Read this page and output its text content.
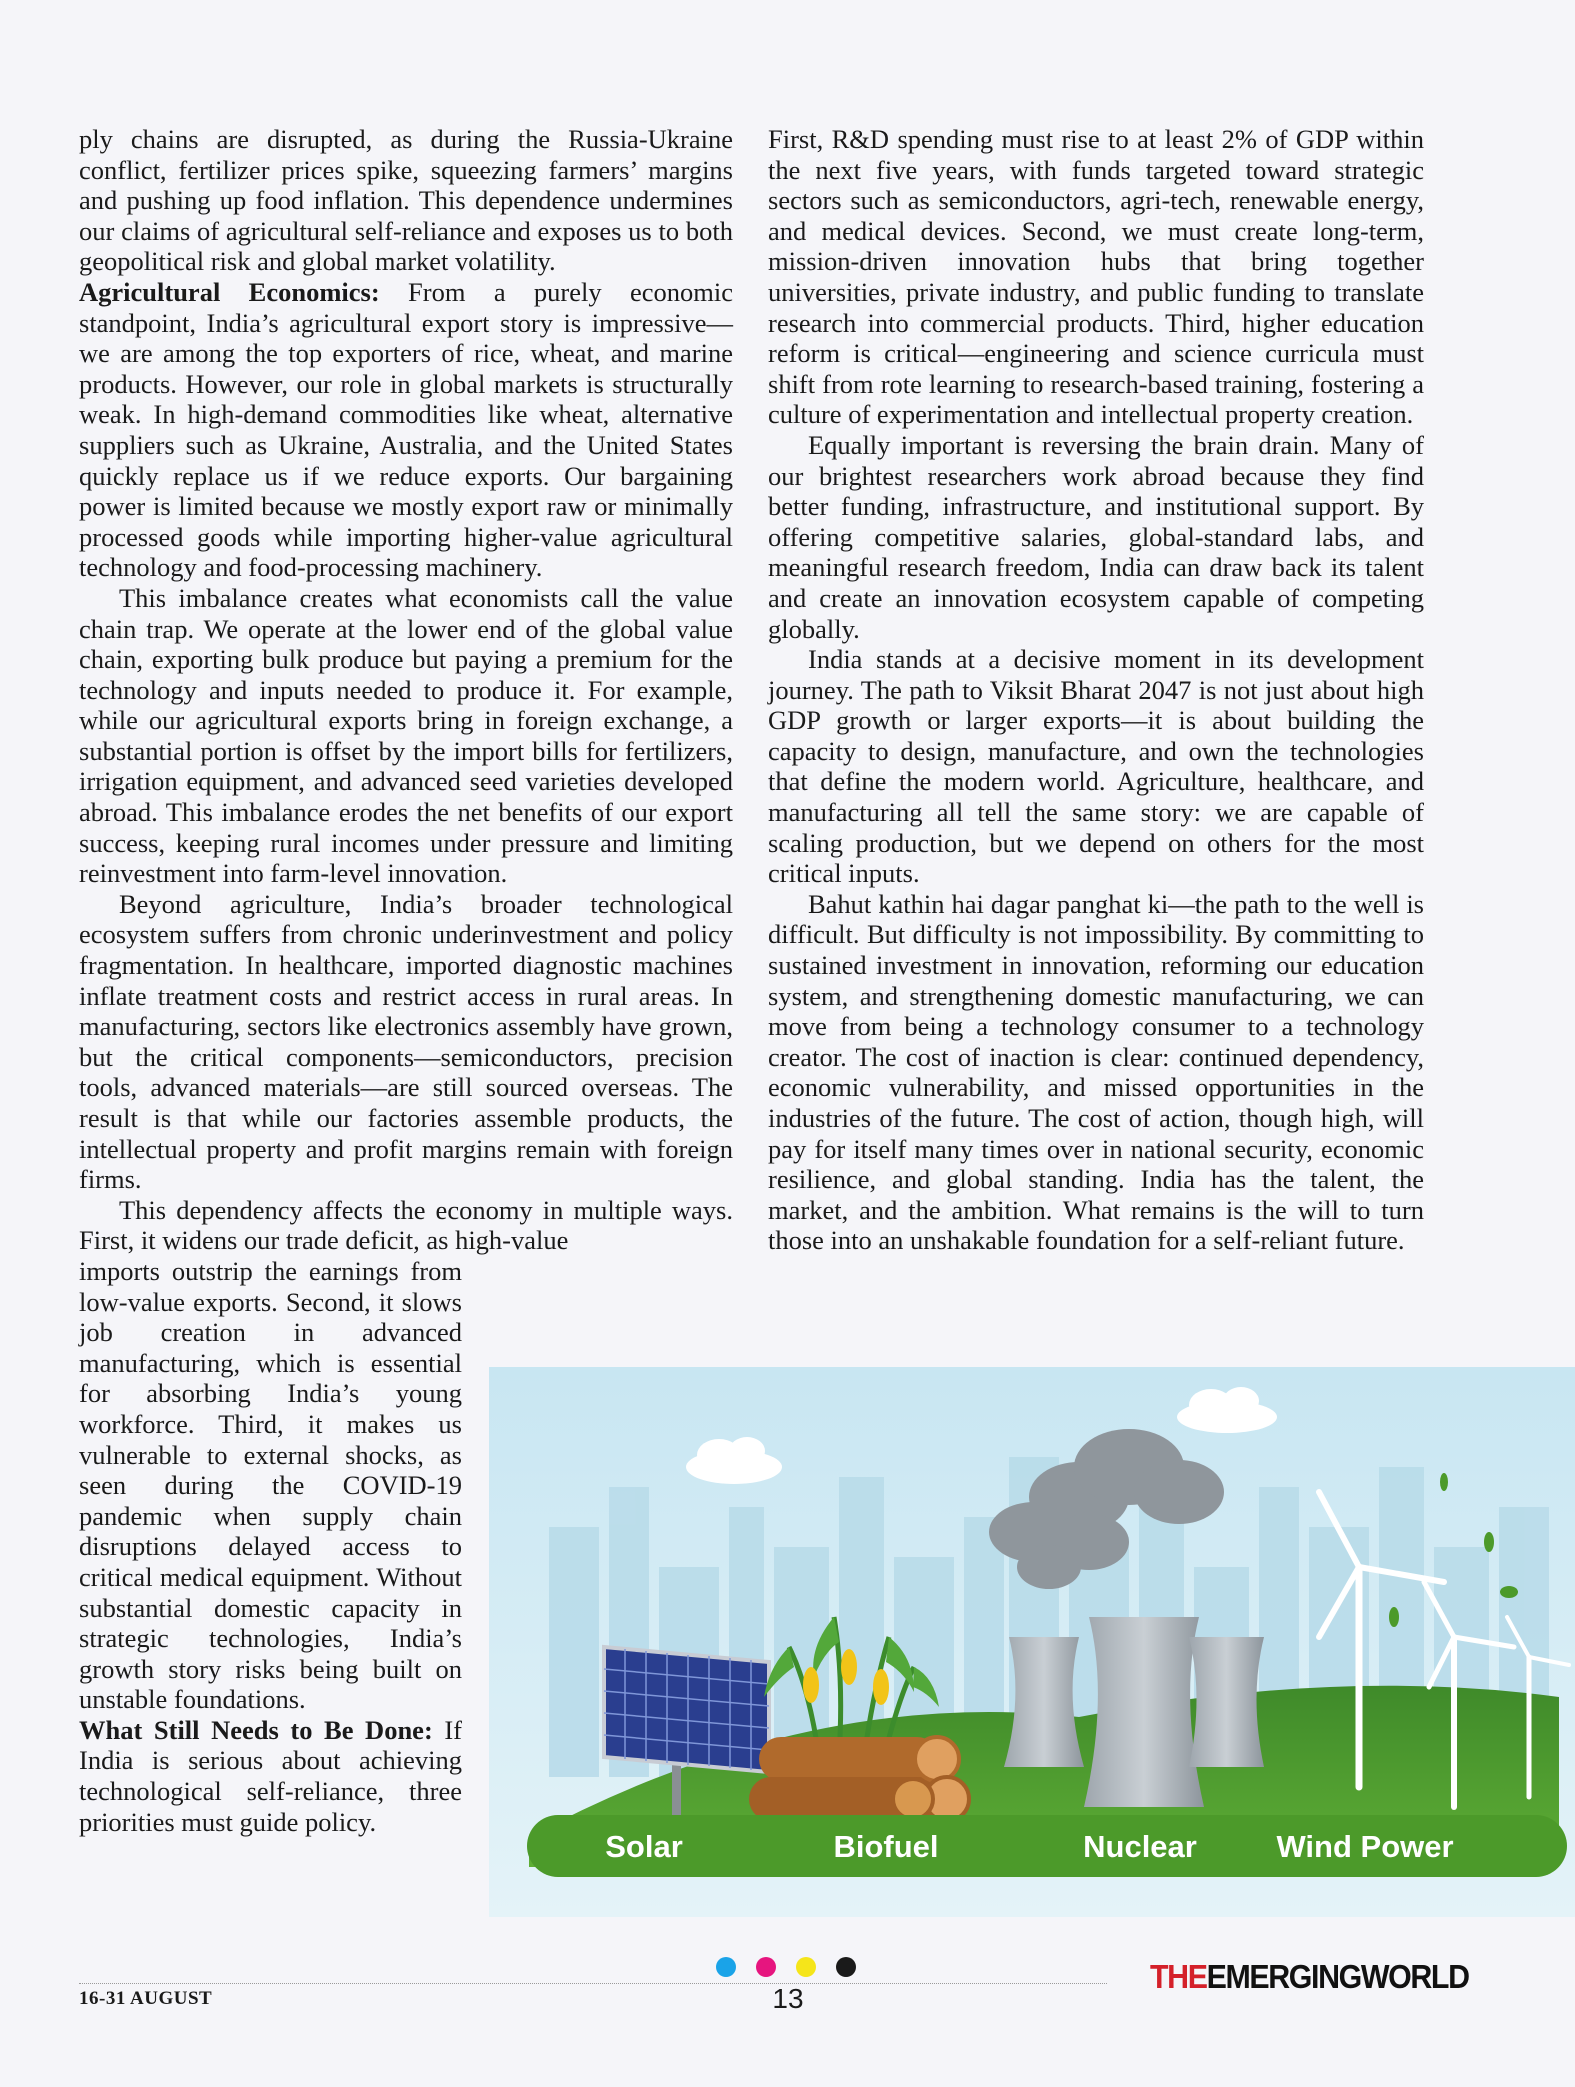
ply chains are disrupted, as during the Russia-Ukraine conflict, fertilizer prices spike, squeezing farmers’ margins and pushing up food inflation. This dependence undermines our claims of agricultural self-reliance and exposes us to both geopolitical risk and global market volatility.

Agricultural Economics: From a purely economic standpoint, India’s agricultural export story is impressive—we are among the top exporters of rice, wheat, and marine products. However, our role in global markets is structurally weak. In high-demand commodities like wheat, alternative suppliers such as Ukraine, Australia, and the United States quickly replace us if we reduce exports. Our bargaining power is limited because we mostly export raw or minimally processed goods while importing higher-value agricultural technology and food-processing machinery.

This imbalance creates what economists call the value chain trap. We operate at the lower end of the global value chain, exporting bulk produce but paying a premium for the technology and inputs needed to produce it. For example, while our agricultural exports bring in foreign exchange, a substantial portion is offset by the import bills for fertilizers, irrigation equipment, and advanced seed varieties developed abroad. This imbalance erodes the net benefits of our export success, keeping rural incomes under pressure and limiting reinvestment into farm-level innovation.

Beyond agriculture, India’s broader technological ecosystem suffers from chronic underinvestment and policy fragmentation. In healthcare, imported diagnostic machines inflate treatment costs and restrict access in rural areas. In manufacturing, sectors like electronics assembly have grown, but the critical components—semiconductors, precision tools, advanced materials—are still sourced overseas. The result is that while our factories assemble products, the intellectual property and profit margins remain with foreign firms.

This dependency affects the economy in multiple ways. First, it widens our trade deficit, as high-value

imports outstrip the earnings from low-value exports. Second, it slows job creation in advanced manufacturing, which is essential for absorbing India’s young workforce. Third, it makes us vulnerable to external shocks, as seen during the COVID-19 pandemic when supply chain disruptions delayed access to critical medical equipment. Without substantial domestic capacity in strategic technologies, India’s growth story risks being built on unstable foundations.

What Still Needs to Be Done: If India is serious about achieving technological self-reliance, three priorities must guide policy.

First, R&D spending must rise to at least 2% of GDP within the next five years, with funds targeted toward strategic sectors such as semiconductors, agri-tech, renewable energy, and medical devices. Second, we must create long-term, mission-driven innovation hubs that bring together universities, private industry, and public funding to translate research into commercial products. Third, higher education reform is critical—engineering and science curricula must shift from rote learning to research-based training, fostering a culture of experimentation and intellectual property creation.

Equally important is reversing the brain drain. Many of our brightest researchers work abroad because they find better funding, infrastructure, and institutional support. By offering competitive salaries, global-standard labs, and meaningful research freedom, India can draw back its talent and create an innovation ecosystem capable of competing globally.

India stands at a decisive moment in its development journey. The path to Viksit Bharat 2047 is not just about high GDP growth or larger exports—it is about building the capacity to design, manufacture, and own the technologies that define the modern world. Agriculture, healthcare, and manufacturing all tell the same story: we are capable of scaling production, but we depend on others for the most critical inputs.

Bahut kathin hai dagar panghat ki—the path to the well is difficult. But difficulty is not impossibility. By committing to sustained investment in innovation, reforming our education system, and strengthening domestic manufacturing, we can move from being a technology consumer to a technology creator. The cost of inaction is clear: continued dependency, economic vulnerability, and missed opportunities in the industries of the future. The cost of action, though high, will pay for itself many times over in national security, economic resilience, and global standing. India has the talent, the market, and the ambition. What remains is the will to turn those into an unshakable foundation for a self-reliant future.

Solar	Biofuel	Nuclear	Wind Power
16-31 AUGUST	13
THEEMERGINGWORLD
